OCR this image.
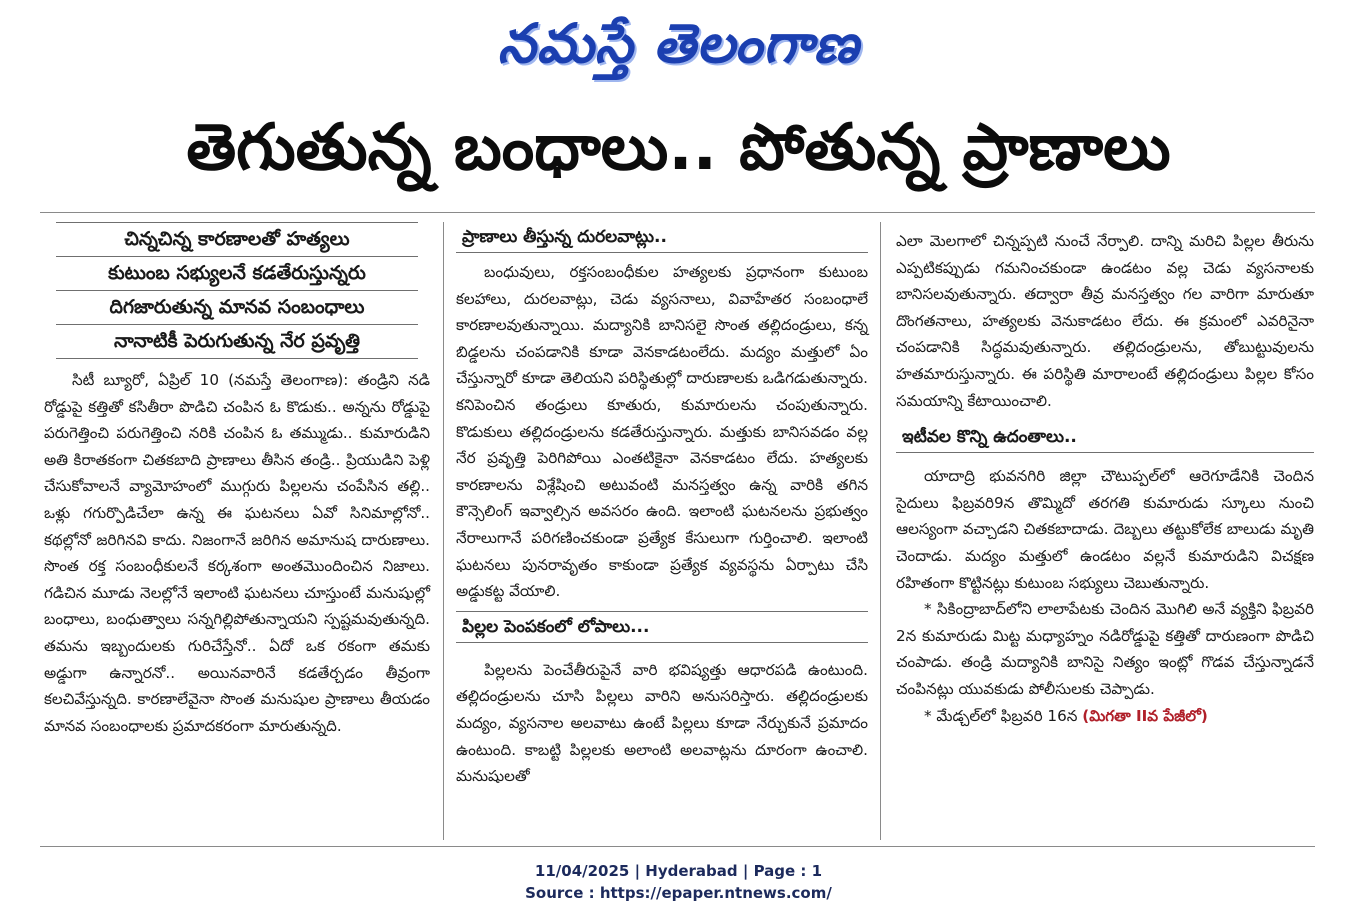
నమస్తే తెలంగాణ
తెగుతున్న బంధాలు.. పోతున్న ప్రాణాలు
చిన్నచిన్న కారణాలతో హత్యలు
కుటుంబ సభ్యులనే కడతేరుస్తున్నరు
దిగజారుతున్న మానవ సంబంధాలు
నానాటికీ పెరుగుతున్న నేర ప్రవృత్తి

సిటీ బ్యూరో, ఏప్రిల్ 10 (నమస్తే తెలంగాణ): తండ్రిని నడి రోడ్డుపై కత్తితో కసితీరా పొడిచి చంపిన ఓ కొడుకు.. అన్నను రోడ్డుపై పరుగెత్తించి పరుగెత్తించి నరికి చంపిన ఓ తమ్ముడు.. కుమారుడిని అతి కిరాతకంగా చితకబాది ప్రాణాలు తీసిన తండ్రి.. ప్రియుడిని పెళ్లి చేసుకోవాలనే వ్యామోహంలో ముగ్గురు పిల్లలను చంపేసిన తల్లి.. ఒళ్లు గగుర్పొడిచేలా ఉన్న ఈ ఘటనలు ఏవో సినిమాల్లోనో.. కథల్లోనో జరిగినవి కాదు. నిజంగానే జరిగిన అమానుష దారుణాలు. సొంత రక్త సంబంధీకులనే కర్కశంగా అంతమొందించిన నిజాలు. గడిచిన మూడు నెలల్లోనే ఇలాంటి ఘటనలు చూస్తుంటే మనుషుల్లో బంధాలు, బంధుత్వాలు సన్నగిల్లిపోతున్నాయని స్పష్టమవుతున్నది. తమను ఇబ్బందులకు గురిచేస్తేనో.. ఏదో ఒక రకంగా తమకు అడ్డుగా ఉన్నారనో.. అయినవారినే కడతేర్చడం తీవ్రంగా కలచివేస్తున్నది. కారణాలేవైనా సొంత మనుషుల ప్రాణాలు తీయడం మానవ సంబంధాలకు ప్రమాదకరంగా మారుతున్నది.

ప్రాణాలు తీస్తున్న దురలవాట్లు..

బంధువులు, రక్తసంబంధీకుల హత్యలకు ప్రధానంగా కుటుంబ కలహాలు, దురలవాట్లు, చెడు వ్యసనాలు, వివాహేతర సంబంధాలే కారణాలవుతున్నాయి. మద్యానికి బానిసలై సొంత తల్లిదండ్రులు, కన్న బిడ్డలను చంపడానికి కూడా వెనకాడటంలేదు. మద్యం మత్తులో ఏం చేస్తున్నారో కూడా తెలియని పరిస్థితుల్లో దారుణాలకు ఒడిగడుతున్నారు. కనిపెంచిన తండ్రులు కూతురు, కుమారులను చంపుతున్నారు. కొడుకులు తల్లిదండ్రులను కడతేరుస్తున్నారు. మత్తుకు బానిసవడం వల్ల నేర ప్రవృత్తి పెరిగిపోయి ఎంతటికైనా వెనకాడటం లేదు. హత్యలకు కారణాలను విశ్లేషించి అటువంటి మనస్తత్వం ఉన్న వారికి తగిన కౌన్సెలింగ్ ఇవ్వాల్సిన అవసరం ఉంది. ఇలాంటి ఘటనలను ప్రభుత్వం నేరాలుగానే పరిగణించకుండా ప్రత్యేక కేసులుగా గుర్తించాలి. ఇలాంటి ఘటనలు పునరావృతం కాకుండా ప్రత్యేక వ్యవస్థను ఏర్పాటు చేసి అడ్డుకట్ట వేయాలి.

పిల్లల పెంపకంలో లోపాలు...

పిల్లలను పెంచేతీరుపైనే వారి భవిష్యత్తు ఆధారపడి ఉంటుంది. తల్లిదండ్రులను చూసి పిల్లలు వారిని అనుసరిస్తారు. తల్లిదండ్రులకు మద్యం, వ్యసనాల అలవాటు ఉంటే పిల్లలు కూడా నేర్చుకునే ప్రమాదం ఉంటుంది. కాబట్టి పిల్లలకు అలాంటి అలవాట్లను దూరంగా ఉంచాలి. మనుషులతో

ఎలా మెలగాలో చిన్నప్పటి నుంచే నేర్పాలి. దాన్ని మరిచి పిల్లల తీరును ఎప్పటికప్పుడు గమనించకుండా ఉండటం వల్ల చెడు వ్యసనాలకు బానిసలవుతున్నారు. తద్వారా తీవ్ర మనస్తత్వం గల వారిగా మారుతూ దొంగతనాలు, హత్యలకు వెనుకాడటం లేదు. ఈ క్రమంలో ఎవరినైనా చంపడానికి సిద్ధమవుతున్నారు. తల్లిదండ్రులను, తోబుట్టువులను హతమారుస్తున్నారు. ఈ పరిస్థితి మారాలంటే తల్లిదండ్రులు పిల్లల కోసం సమయాన్ని కేటాయించాలి.

ఇటీవల కొన్ని ఉదంతాలు..

యాదాద్రి భువనగిరి జిల్లా చౌటుప్పల్‌లో ఆరెగూడేనికి చెందిన సైదులు ఫిబ్రవరి9న తొమ్మిదో తరగతి కుమారుడు స్కూలు నుంచి ఆలస్యంగా వచ్చాడని చితకబాదాడు. దెబ్బలు తట్టుకోలేక బాలుడు మృతి చెందాడు. మద్యం మత్తులో ఉండటం వల్లనే కుమారుడిని విచక్షణ రహితంగా కొట్టినట్లు కుటుంబ సభ్యులు చెబుతున్నారు.

* సికింద్రాబాద్‌లోని లాలాపేటకు చెందిన మొగిలి అనే వ్యక్తిని ఫిబ్రవరి 2న కుమారుడు మిట్ట మధ్యాహ్నం నడిరోడ్డుపై కత్తితో దారుణంగా పొడిచి చంపాడు. తండ్రి మద్యానికి బానిసై నిత్యం ఇంట్లో గొడవ చేస్తున్నాడనే చంపినట్లు యువకుడు పోలీసులకు చెప్పాడు.

* మేడ్చల్‌లో ఫిబ్రవరి 16న (మిగతా IIవ పేజీలో)

11/04/2025 | Hyderabad | Page : 1
Source : https://epaper.ntnews.com/
